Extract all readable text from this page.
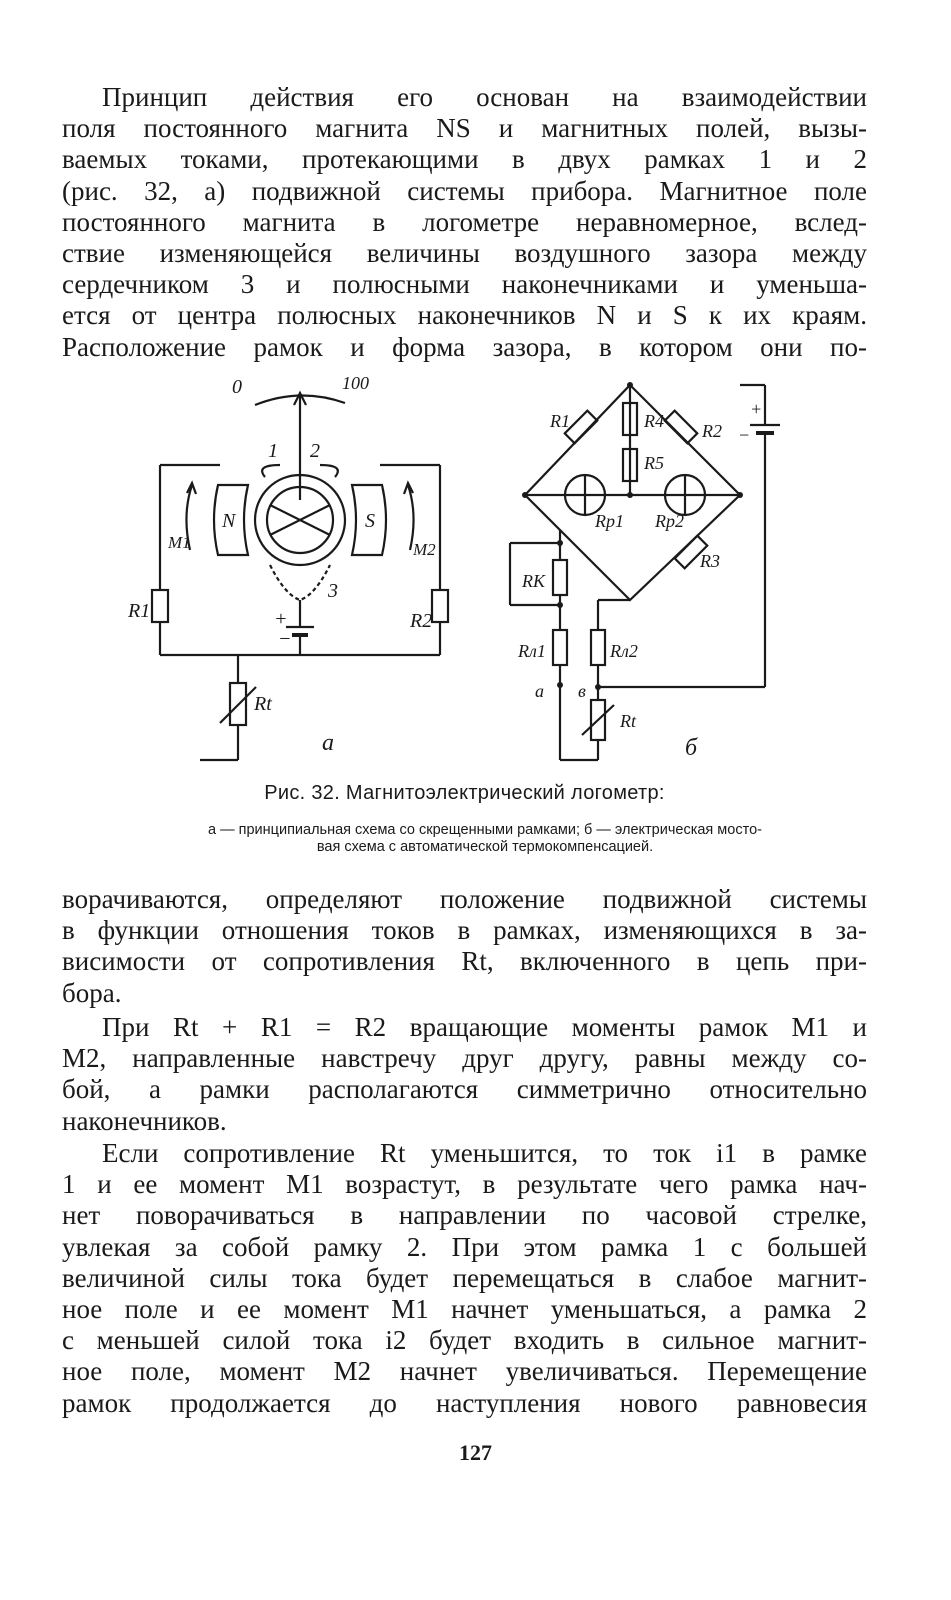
Принцип действия его основан на взаимодействии
поля постоянного магнита NS и магнитных полей, вызы-
ваемых токами, протекающими в двух рамках 1 и 2
(рис. 32, а) подвижной системы прибора. Магнитное поле
постоянного магнита в логометре неравномерное, вслед-
ствие изменяющейся величины воздушного зазора между
сердечником 3 и полюсными наконечниками и уменьша-
ется от центра полюсных наконечников N и S к их краям.
Расположение рамок и форма зазора, в котором они по-
0	100
1 2
3
N	S
M1	M2
R1	R2
Rt
+
−
а
R1	R4
R5
R2
Rр1 Rр2
R3
RK
Rл1	Rл2
Rt
а в
+
−
б
Рис. 32. Магнитоэлектрический логометр:
а — принципиальная схема со скрещенными рамками; б — электрическая мосто-
вая схема с автоматической термокомпенсацией.
ворачиваются, определяют положение подвижной системы
в функции отношения токов в рамках, изменяющихся в за-
висимости от сопротивления Rt, включенного в цепь при-
бора.
При Rt + R1 = R2 вращающие моменты рамок M1 и
M2, направленные навстречу друг другу, равны между со-
бой, а рамки располагаются симметрично относительно
наконечников.
Если сопротивление Rt уменьшится, то ток i1 в рамке
1 и ее момент M1 возрастут, в результате чего рамка нач-
нет поворачиваться в направлении по часовой стрелке,
увлекая за собой рамку 2. При этом рамка 1 с большей
величиной силы тока будет перемещаться в слабое магнит-
ное поле и ее момент M1 начнет уменьшаться, а рамка 2
с меньшей силой тока i2 будет входить в сильное магнит-
ное поле, момент M2 начнет увеличиваться. Перемещение
рамок продолжается до наступления нового равновесия
127
